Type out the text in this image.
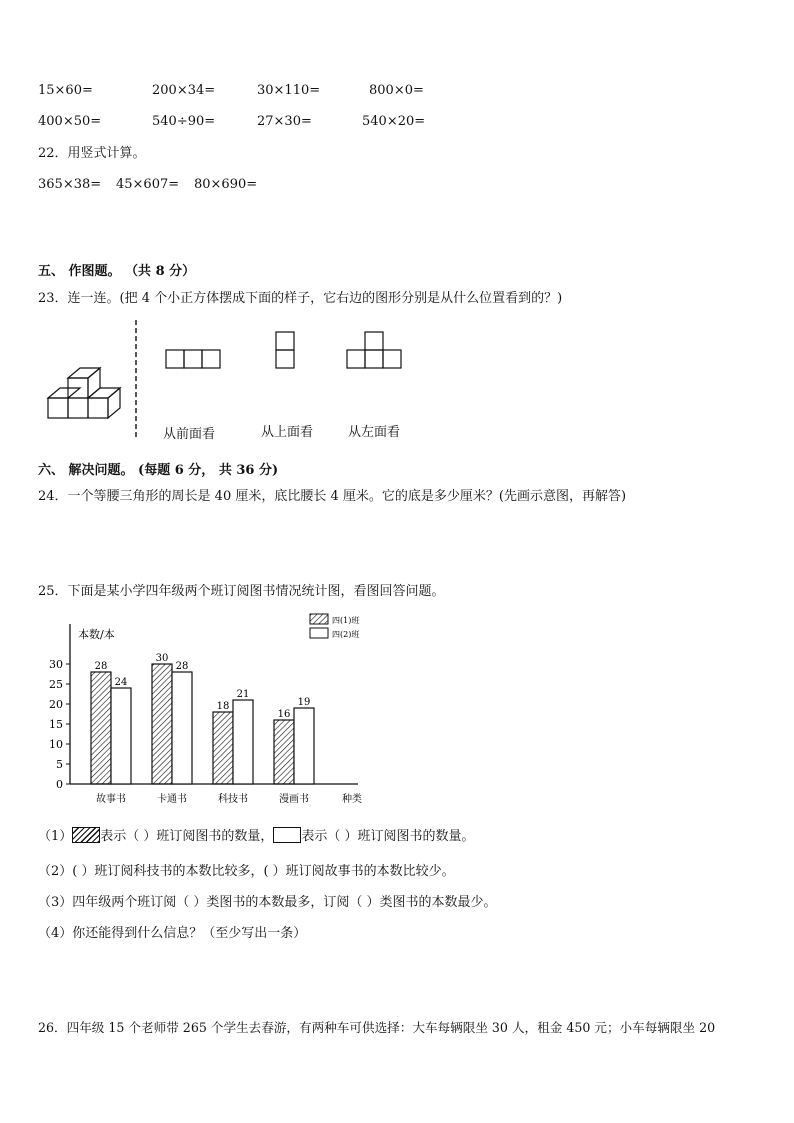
15×60=	200×34=	30×110=	800×0=
400×50=	540÷90=	27×30=	540×20=
22．用竖式计算。
365×38= 45×607= 80×690=
五、 作图题。 （共 8 分）
23．连一连。(把 4 个小正方体摆成下面的样子，它右边的图形分别是从什么位置看到的？)
从前面看	从上面看	从左面看
六、 解决问题。 (每题 6 分， 共 36 分)
24．一个等腰三角形的周长是 40 厘米，底比腰长 4 厘米。它的底是多少厘米？(先画示意图，再解答)
25．下面是某小学四年级两个班订阅图书情况统计图，看图回答问题。
本数/本
种类
0
5
10
15
20
25
30	28
24
故事书
30
28
卡通书
18
21
科技书
16
19
漫画书
四(1)班
四(2)班
（1） 表示（ ）班订阅图书的数量， 表示（ ）班订阅图书的数量。
（2）( ）班订阅科技书的本数比较多，( ）班订阅故事书的本数比较少。
（3）四年级两个班订阅（ ）类图书的本数最多，订阅（ ）类图书的本数最少。
（4）你还能得到什么信息？（至少写出一条）
26．四年级 15 个老师带 265 个学生去春游，有两种车可供选择：大车每辆限坐 30 人，租金 450 元；小车每辆限坐 20
